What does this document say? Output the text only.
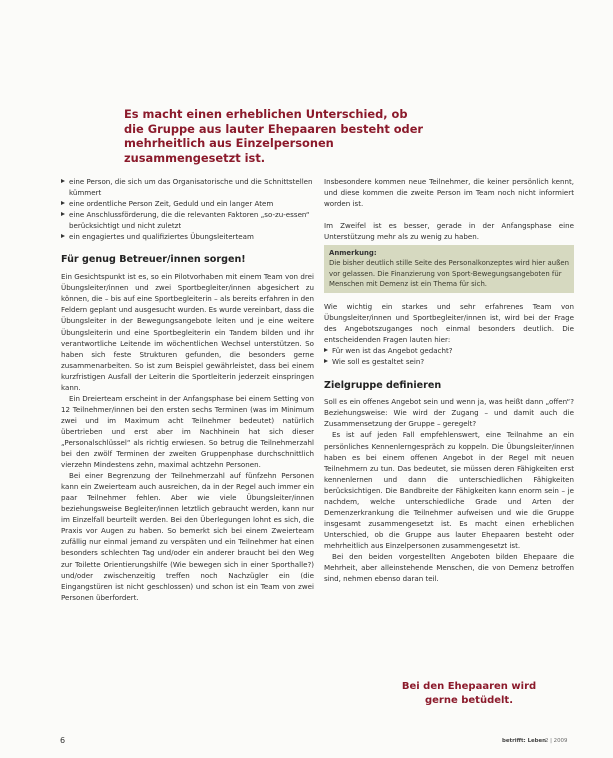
Es macht einen erheblichen Unterschied, ob die Gruppe aus lauter Ehepaaren besteht oder mehrheitlich aus Einzelpersonen zusammengesetzt ist.
eine Person, die sich um das Organisatorische und die Schnittstellen kümmert
eine ordentliche Person Zeit, Geduld und ein langer Atem
eine Anschlussförderung, die die relevanten Faktoren „so-zu-essen“ berücksichtigt und nicht zuletzt
ein engagiertes und qualifiziertes Übungsleiterteam
Für genug Betreuer/innen sorgen!

Ein Gesichtspunkt ist es, so ein Pilotvorhaben mit einem Team von drei Übungsleiter/innen und zwei Sportbegleiter/innen abgesichert zu können, die – bis auf eine Sportbegleiterin – als bereits erfahren in den Feldern geplant und ausgesucht wurden. Es wurde vereinbart, dass die Übungsleiter in der Bewegungsangebote leiten und je eine weitere Übungsleiterin und eine Sportbegleiterin ein Tandem bilden und ihr verantwortliche Leitende im wöchentlichen Wechsel unterstützen. So haben sich feste Strukturen gefunden, die besonders gerne zusammenarbeiten. So ist zum Beispiel gewährleistet, dass bei einem kurzfristigen Ausfall der Leiterin die Sportleiterin jederzeit einspringen kann.

Ein Dreierteam erscheint in der Anfangsphase bei einem Setting von 12 Teilnehmer/innen bei den ersten sechs Terminen (was im Minimum zwei und im Maximum acht Teilnehmer bedeutet) natürlich übertrieben und erst aber im Nachhinein hat sich dieser „Personalschlüssel“ als richtig erwiesen. So betrug die Teilnehmerzahl bei den zwölf Terminen der zweiten Gruppenphase durchschnittlich vierzehn Mindestens zehn, maximal achtzehn Personen.

Bei einer Begrenzung der Teilnehmerzahl auf fünfzehn Personen kann ein Zweierteam auch ausreichen, da in der Regel auch immer ein paar Teilnehmer fehlen. Aber wie viele Übungsleiter/innen beziehungsweise Begleiter/innen letztlich gebraucht werden, kann nur im Einzelfall beurteilt werden. Bei den Überlegungen lohnt es sich, die Praxis vor Augen zu haben. So bemerkt sich bei einem Zweierteam zufällig nur einmal jemand zu verspäten und ein Teilnehmer hat einen besonders schlechten Tag und/oder ein anderer braucht bei den Weg zur Toilette Orientierungshilfe (Wie bewegen sich in einer Sporthalle?) und/oder zwischenzeitig treffen noch Nachzügler ein (die Eingangstüren ist nicht geschlossen) und schon ist ein Team von zwei Personen überfordert.

Insbesondere kommen neue Teilnehmer, die keiner persönlich kennt, und diese kommen die zweite Person im Team noch nicht informiert worden ist.

Im Zweifel ist es besser, gerade in der Anfangsphase eine Unterstützung mehr als zu wenig zu haben.

Anmerkung:
Die bisher deutlich stille Seite des Personalkonzeptes wird hier außen vor gelassen. Die Finanzierung von Sport-Bewegungsangeboten für Menschen mit Demenz ist ein Thema für sich.

Wie wichtig ein starkes und sehr erfahrenes Team von Übungsleiter/innen und Sportbegleiter/innen ist, wird bei der Frage des Angebotszuganges noch einmal besonders deutlich. Die entscheidenden Fragen lauten hier:

Für wen ist das Angebot gedacht?
Wie soll es gestaltet sein?
Zielgruppe definieren

Soll es ein offenes Angebot sein und wenn ja, was heißt dann „offen“? Beziehungsweise: Wie wird der Zugang – und damit auch die Zusammensetzung der Gruppe – geregelt?

Es ist auf jeden Fall empfehlenswert, eine Teilnahme an ein persönliches Kennenlerngespräch zu koppeln. Die Übungsleiter/innen haben es bei einem offenen Angebot in der Regel mit neuen Teilnehmern zu tun. Das bedeutet, sie müssen deren Fähigkeiten erst kennenlernen und dann die unterschiedlichen Fähigkeiten berücksichtigen. Die Bandbreite der Fähigkeiten kann enorm sein – je nachdem, welche unterschiedliche Grade und Arten der Demenzerkrankung die Teilnehmer aufweisen und wie die Gruppe insgesamt zusammengesetzt ist. Es macht einen erheblichen Unterschied, ob die Gruppe aus lauter Ehepaaren besteht oder mehrheitlich aus Einzelpersonen zusammengesetzt ist.

Bei den beiden vorgestellten Angeboten bilden Ehepaare die Mehrheit, aber alleinstehende Menschen, die von Demenz betroffen sind, nehmen ebenso daran teil.

Bei den Ehepaaren wird gerne betüdelt.
6	betrifft: Leben
2 | 2009
